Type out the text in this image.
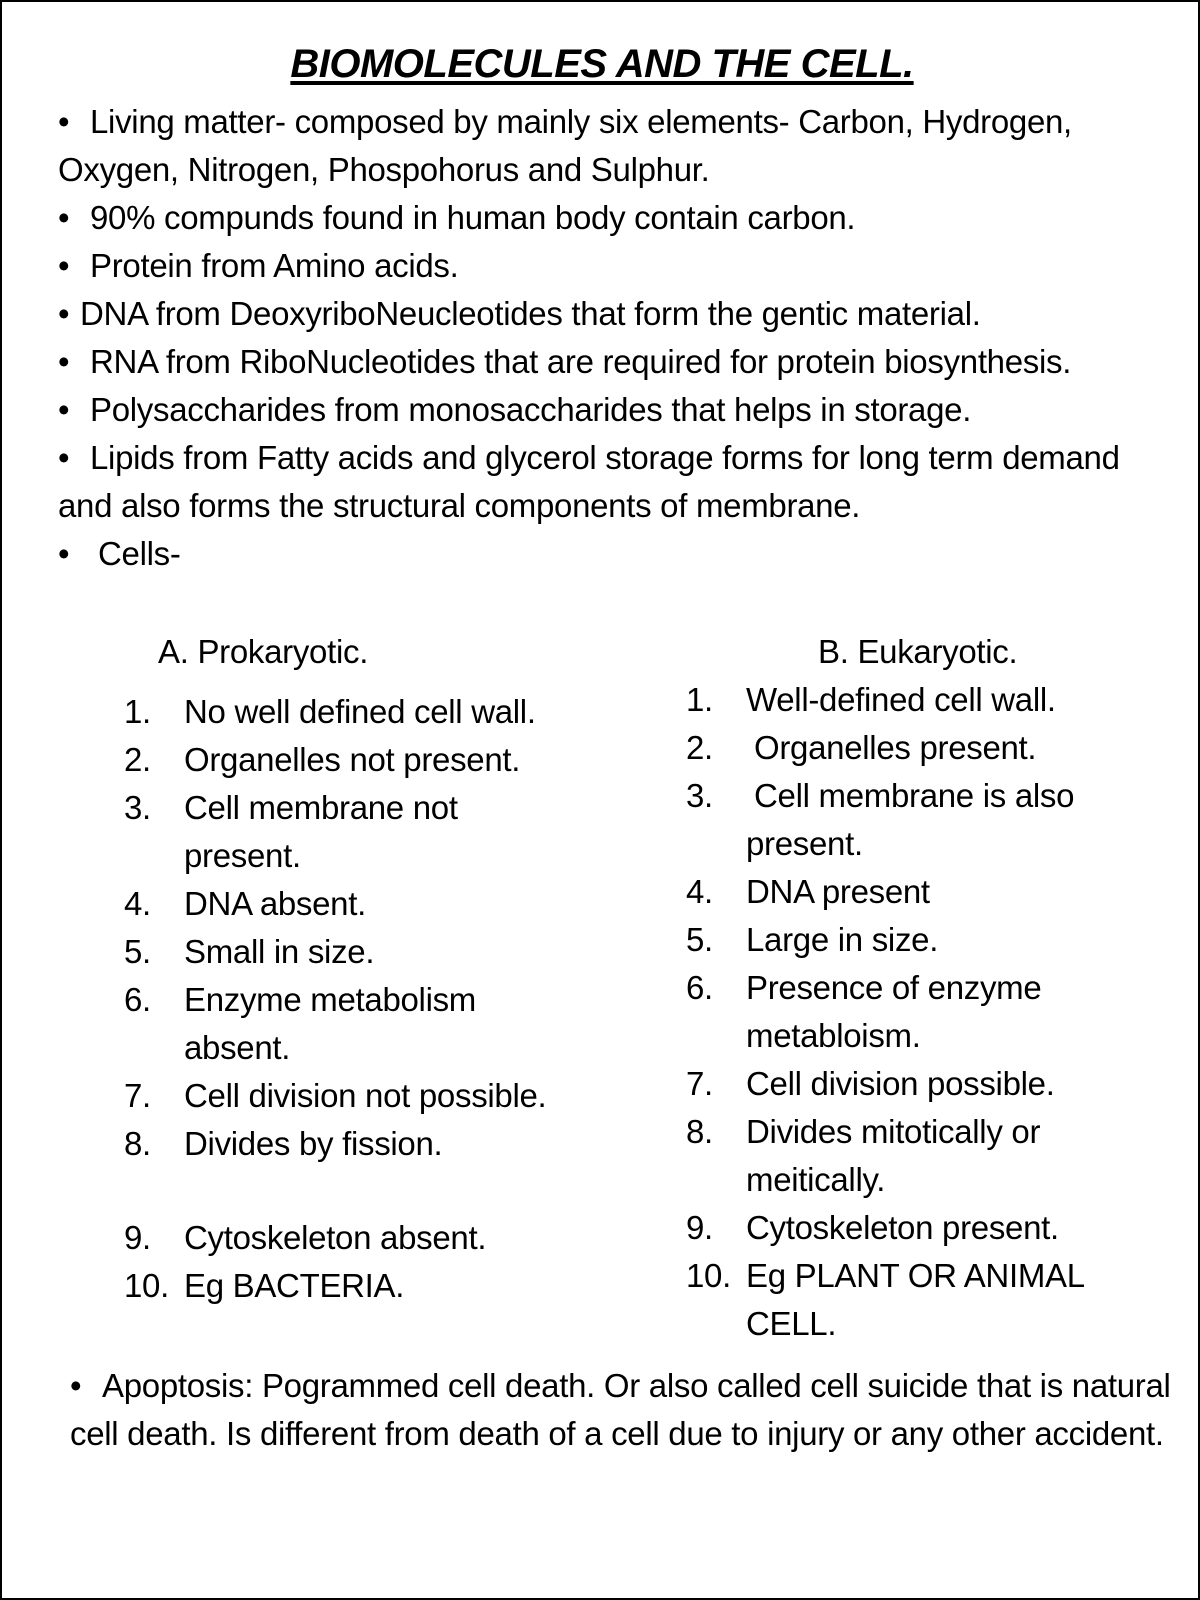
BIOMOLECULES AND THE CELL.

• Living matter- composed by mainly six elements- Carbon, Hydrogen, Oxygen, Nitrogen, Phospohorus and Sulphur.

• 90% compunds found in human body contain carbon.

• Protein from Amino acids.

• DNA from DeoxyriboNeucleotides that form the gentic material.

• RNA from RiboNucleotides that are required for protein biosynthesis.

• Polysaccharides from monosaccharides that helps in storage.

• Lipids from Fatty acids and glycerol storage forms for long term demand and also forms the structural components of membrane.

• Cells-

A. Prokaryotic.

1. No well defined cell wall.
2. Organelles not present.
3. Cell membrane not present.
4. DNA absent.
5. Small in size.
6. Enzyme metabolism absent.
7. Cell division not possible.
8. Divides by fission.
9. Cytoskeleton absent.
10. Eg BACTERIA.

B. Eukaryotic.

1. Well-defined cell wall.
2. Organelles present.
3. Cell membrane is also present.
4. DNA present
5. Large in size.
6. Presence of enzyme metabloism.
7. Cell division possible.
8. Divides mitotically or meitically.
9. Cytoskeleton present.
10. Eg PLANT OR ANIMAL CELL.

• Apoptosis: Pogrammed cell death. Or also called cell suicide that is natural cell death. Is different from death of a cell due to injury or any other accident.
